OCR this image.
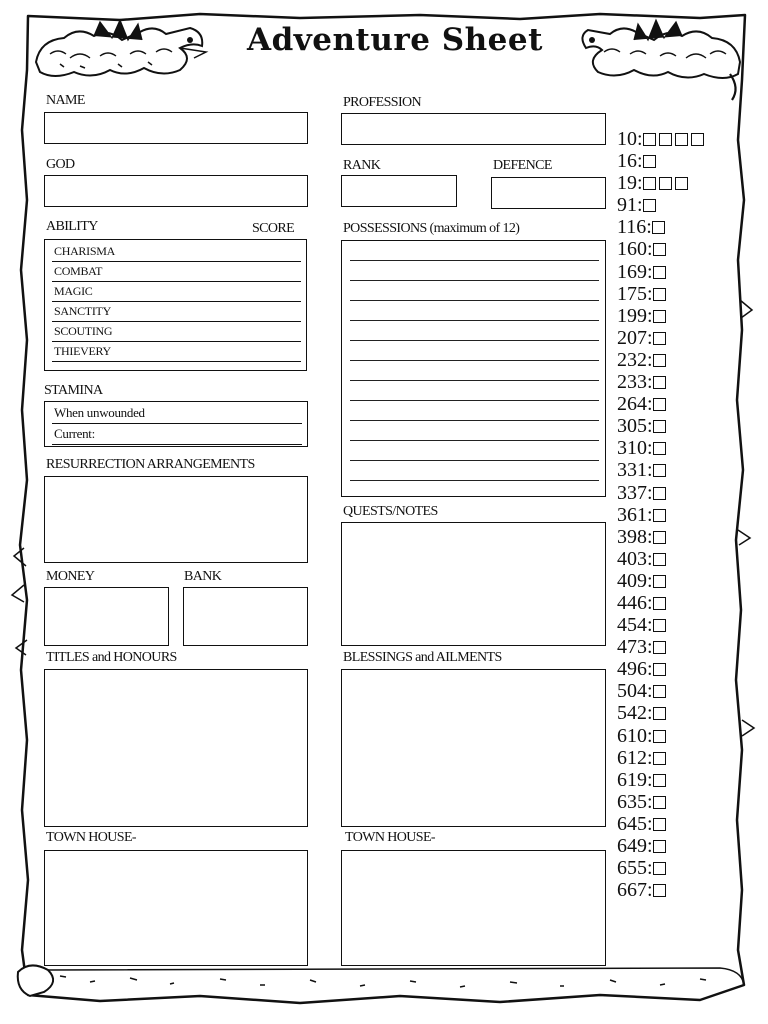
Adventure Sheet
NAME	PROFESSION
GOD	RANK	DEFENCE
ABILITY	SCORE
CHARISMA
COMBAT
MAGIC
SANCTITY
SCOUTING
THIEVERY
POSSESSIONS (maximum of 12)
STAMINA
When unwounded
Current:
RESURRECTION ARRANGEMENTS
QUESTS/NOTES
MONEY	BANK
TITLES and HONOURS	BLESSINGS and AILMENTS
TOWN HOUSE-	TOWN HOUSE-
10:
16:
19:
91:
116:
160:
169:
175:
199:
207:
232:
233:
264:
305:
310:
331:
337:
361:
398:
403:
409:
446:
454:
473:
496:
504:
542:
610:
612:
619:
635:
645:
649:
655:
667:
